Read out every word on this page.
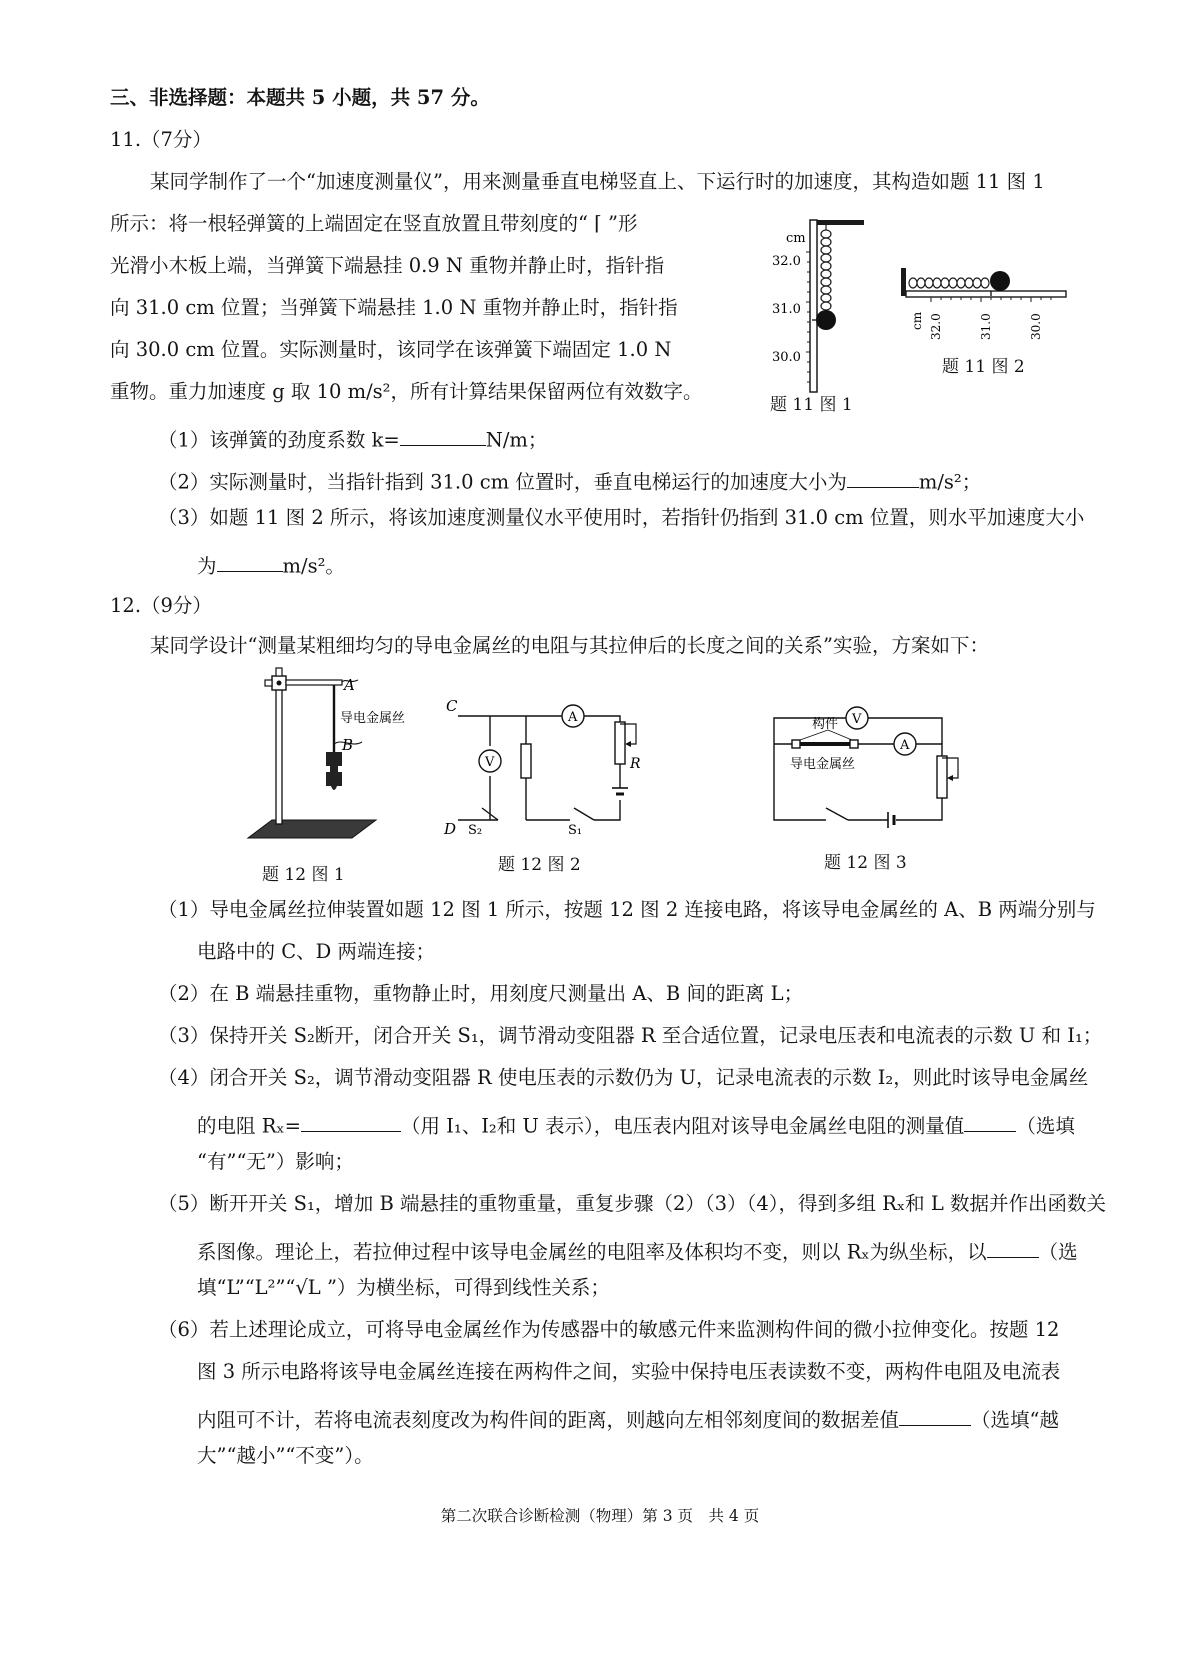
三、非选择题：本题共 5 小题，共 57 分。
11.（7分）
某同学制作了一个“加速度测量仪”，用来测量垂直电梯竖直上、下运行时的加速度，其构造如题 11 图 1
所示：将一根轻弹簧的上端固定在竖直放置且带刻度的“ ⌈ ”形
光滑小木板上端，当弹簧下端悬挂 0.9 N 重物并静止时，指针指
向 31.0 cm 位置；当弹簧下端悬挂 1.0 N 重物并静止时，指针指
向 30.0 cm 位置。实际测量时，该同学在该弹簧下端固定 1.0 N
重物。重力加速度 g 取 10 m/s²，所有计算结果保留两位有效数字。
（1）该弹簧的劲度系数 k=	N/m；
（2）实际测量时，当指针指到 31.0 cm 位置时，垂直电梯运行的加速度大小为	m/s²；
（3）如题 11 图 2 所示，将该加速度测量仪水平使用时，若指针仍指到 31.0 cm 位置，则水平加速度大小
为	m/s²。
cm
32.0
31.0
30.0
题 11 图 1
cm 32.0	31.0	30.0
题 11 图 2
12.（9分）
某同学设计“测量某粗细均匀的导电金属丝的电阻与其拉伸后的长度之间的关系”实验，方案如下：
A
B
导电金属丝
题 12 图 1
A
V
C
D S₂	S₁
R
题 12 图 2
V
A
构件
导电金属丝
题 12 图 3
（1）导电金属丝拉伸装置如题 12 图 1 所示，按题 12 图 2 连接电路，将该导电金属丝的 A、B 两端分别与
电路中的 C、D 两端连接；
（2）在 B 端悬挂重物，重物静止时，用刻度尺测量出 A、B 间的距离 L；
（3）保持开关 S₂断开，闭合开关 S₁，调节滑动变阻器 R 至合适位置，记录电压表和电流表的示数 U 和 I₁；
（4）闭合开关 S₂，调节滑动变阻器 R 使电压表的示数仍为 U，记录电流表的示数 I₂，则此时该导电金属丝
的电阻 Rₓ=	（用 I₁、I₂和 U 表示），电压表内阻对该导电金属丝电阻的测量值	（选填
“有”“无”）影响；
（5）断开开关 S₁，增加 B 端悬挂的重物重量，重复步骤（2）（3）（4），得到多组 Rₓ和 L 数据并作出函数关
系图像。理论上，若拉伸过程中该导电金属丝的电阻率及体积均不变，则以 Rₓ为纵坐标，以	（选
填“L”“L²”“√L ”）为横坐标，可得到线性关系；
（6）若上述理论成立，可将导电金属丝作为传感器中的敏感元件来监测构件间的微小拉伸变化。按题 12
图 3 所示电路将该导电金属丝连接在两构件之间，实验中保持电压表读数不变，两构件电阻及电流表
内阻可不计，若将电流表刻度改为构件间的距离，则越向左相邻刻度间的数据差值	（选填“越
大”“越小”“不变”）。
第二次联合诊断检测（物理）第 3 页　共 4 页
